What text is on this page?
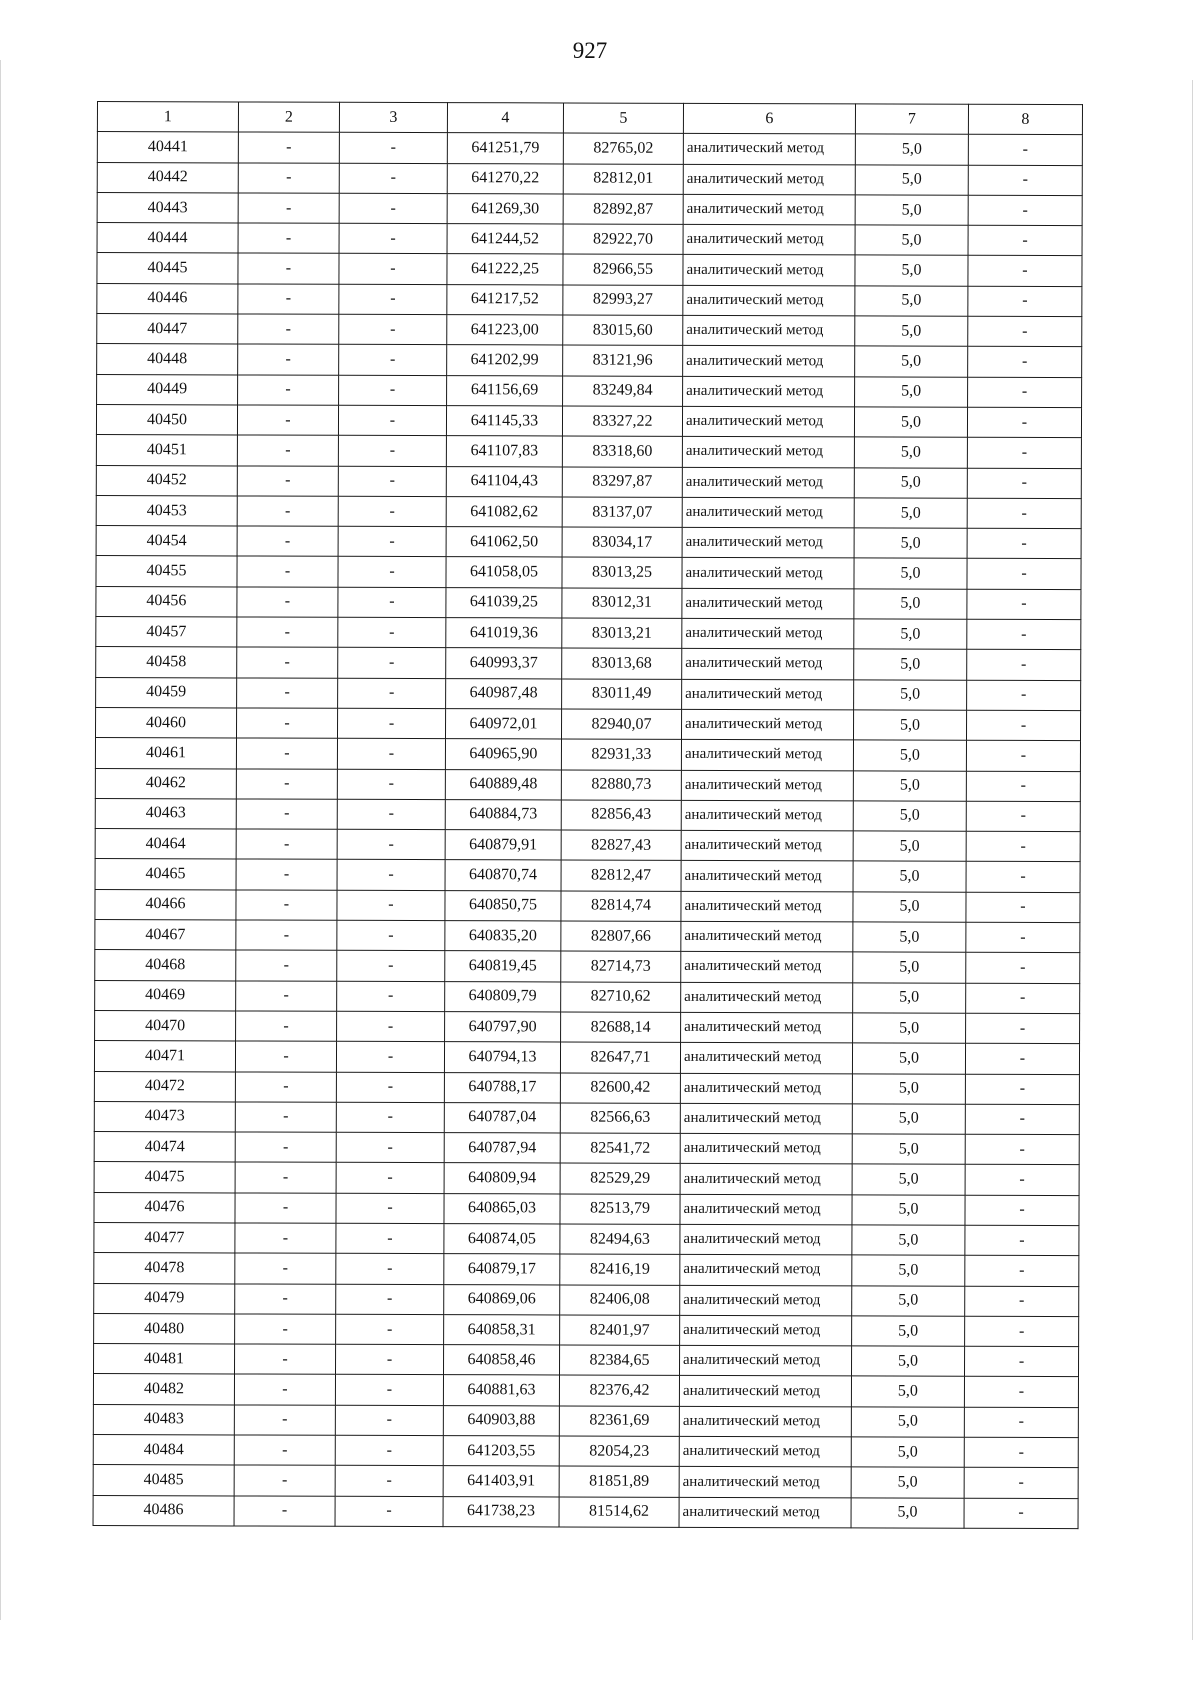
927
1	2	3	4	5	6	7	8
40441	-	-	641251,79	82765,02	аналитический метод	5,0	-
40442	-	-	641270,22	82812,01	аналитический метод	5,0	-
40443	-	-	641269,30	82892,87	аналитический метод	5,0	-
40444	-	-	641244,52	82922,70	аналитический метод	5,0	-
40445	-	-	641222,25	82966,55	аналитический метод	5,0	-
40446	-	-	641217,52	82993,27	аналитический метод	5,0	-
40447	-	-	641223,00	83015,60	аналитический метод	5,0	-
40448	-	-	641202,99	83121,96	аналитический метод	5,0	-
40449	-	-	641156,69	83249,84	аналитический метод	5,0	-
40450	-	-	641145,33	83327,22	аналитический метод	5,0	-
40451	-	-	641107,83	83318,60	аналитический метод	5,0	-
40452	-	-	641104,43	83297,87	аналитический метод	5,0	-
40453	-	-	641082,62	83137,07	аналитический метод	5,0	-
40454	-	-	641062,50	83034,17	аналитический метод	5,0	-
40455	-	-	641058,05	83013,25	аналитический метод	5,0	-
40456	-	-	641039,25	83012,31	аналитический метод	5,0	-
40457	-	-	641019,36	83013,21	аналитический метод	5,0	-
40458	-	-	640993,37	83013,68	аналитический метод	5,0	-
40459	-	-	640987,48	83011,49	аналитический метод	5,0	-
40460	-	-	640972,01	82940,07	аналитический метод	5,0	-
40461	-	-	640965,90	82931,33	аналитический метод	5,0	-
40462	-	-	640889,48	82880,73	аналитический метод	5,0	-
40463	-	-	640884,73	82856,43	аналитический метод	5,0	-
40464	-	-	640879,91	82827,43	аналитический метод	5,0	-
40465	-	-	640870,74	82812,47	аналитический метод	5,0	-
40466	-	-	640850,75	82814,74	аналитический метод	5,0	-
40467	-	-	640835,20	82807,66	аналитический метод	5,0	-
40468	-	-	640819,45	82714,73	аналитический метод	5,0	-
40469	-	-	640809,79	82710,62	аналитический метод	5,0	-
40470	-	-	640797,90	82688,14	аналитический метод	5,0	-
40471	-	-	640794,13	82647,71	аналитический метод	5,0	-
40472	-	-	640788,17	82600,42	аналитический метод	5,0	-
40473	-	-	640787,04	82566,63	аналитический метод	5,0	-
40474	-	-	640787,94	82541,72	аналитический метод	5,0	-
40475	-	-	640809,94	82529,29	аналитический метод	5,0	-
40476	-	-	640865,03	82513,79	аналитический метод	5,0	-
40477	-	-	640874,05	82494,63	аналитический метод	5,0	-
40478	-	-	640879,17	82416,19	аналитический метод	5,0	-
40479	-	-	640869,06	82406,08	аналитический метод	5,0	-
40480	-	-	640858,31	82401,97	аналитический метод	5,0	-
40481	-	-	640858,46	82384,65	аналитический метод	5,0	-
40482	-	-	640881,63	82376,42	аналитический метод	5,0	-
40483	-	-	640903,88	82361,69	аналитический метод	5,0	-
40484	-	-	641203,55	82054,23	аналитический метод	5,0	-
40485	-	-	641403,91	81851,89	аналитический метод	5,0	-
40486	-	-	641738,23	81514,62	аналитический метод	5,0	-
